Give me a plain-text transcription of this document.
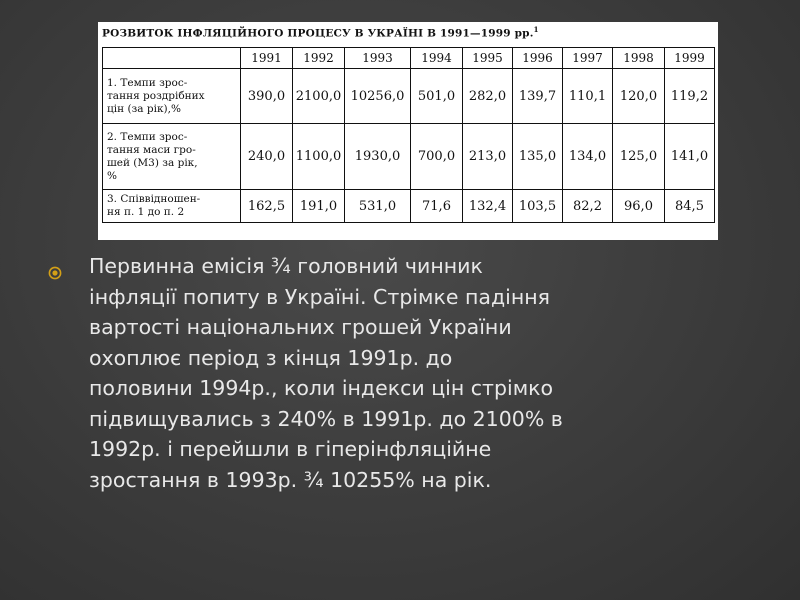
РОЗВИТОК ІНФЛЯЦІЙНОГО ПРОЦЕСУ В УКРАЇНІ В 1991—1999 рр.$^1$
	1991	1992	1993	1994	1995	1996	1997	1998	1999

1. Темпи зрос-
тання роздрібних
цін (за рік),%	390,0	2100,0	10256,0	501,0	282,0	139,7	110,1	120,0	119,2

2. Темпи зрос-
тання маси гро-
шей (М3) за рік,
%	240,0	1100,0	1930,0	700,0	213,0	135,0	134,0	125,0	141,0

3. Співвідношен-
ня п. 1 до п. 2	162,5	191,0	531,0	71,6	132,4	103,5	82,2	96,0	84,5
Первинна емісія ¾ головний чинник
інфляції попиту в Україні. Стрімке падіння
вартості національних грошей України
охоплює період з кінця 1991р. до
половини 1994р., коли індекси цін стрімко
підвищувались з 240% в 1991р. до 2100% в
1992р. і перейшли в гіперінфляційне
зростання в 1993р. ¾ 10255% на рік.
